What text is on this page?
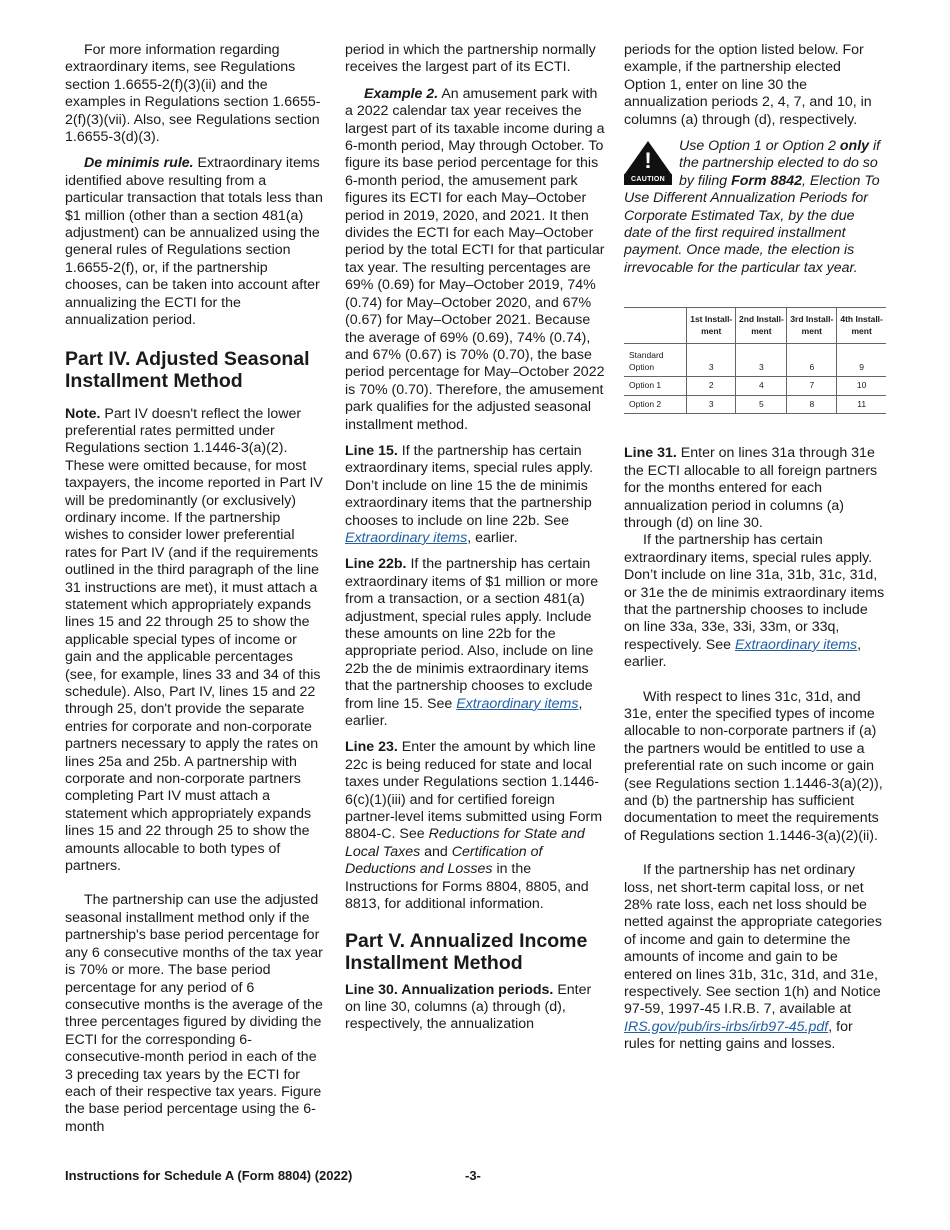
For more information regarding extraordinary items, see Regulations section 1.6655-2(f)(3)(ii) and the examples in Regulations section 1.6655-2(f)(3)(vii). Also, see Regulations section 1.6655-3(d)(3).

De minimis rule. Extraordinary items identified above resulting from a particular transaction that totals less than $1 million (other than a section 481(a) adjustment) can be annualized using the general rules of Regulations section 1.6655-2(f), or, if the partnership chooses, can be taken into account after annualizing the ECTI for the annualization period.

Part IV. Adjusted Seasonal Installment Method

Note. Part IV doesn't reflect the lower preferential rates permitted under Regulations section 1.1446-3(a)(2). These were omitted because, for most taxpayers, the income reported in Part IV will be predominantly (or exclusively) ordinary income. If the partnership wishes to consider lower preferential rates for Part IV (and if the requirements outlined in the third paragraph of the line 31 instructions are met), it must attach a statement which appropriately expands lines 15 and 22 through 25 to show the applicable special types of income or gain and the applicable percentages (see, for example, lines 33 and 34 of this schedule). Also, Part IV, lines 15 and 22 through 25, don't provide the separate entries for corporate and non-corporate partners necessary to apply the rates on lines 25a and 25b. A partnership with corporate and non-corporate partners completing Part IV must attach a statement which appropriately expands lines 15 and 22 through 25 to show the amounts allocable to both types of partners.

The partnership can use the adjusted seasonal installment method only if the partnership's base period percentage for any 6 consecutive months of the tax year is 70% or more. The base period percentage for any period of 6 consecutive months is the average of the three percentages figured by dividing the ECTI for the corresponding 6-consecutive-month period in each of the 3 preceding tax years by the ECTI for each of their respective tax years. Figure the base period percentage using the 6-month

period in which the partnership normally receives the largest part of its ECTI.

Example 2. An amusement park with a 2022 calendar tax year receives the largest part of its taxable income during a 6-month period, May through October. To figure its base period percentage for this 6-month period, the amusement park figures its ECTI for each May–October period in 2019, 2020, and 2021. It then divides the ECTI for each May–October period by the total ECTI for that particular tax year. The resulting percentages are 69% (0.69) for May–October 2019, 74% (0.74) for May–October 2020, and 67% (0.67) for May–October 2021. Because the average of 69% (0.69), 74% (0.74), and 67% (0.67) is 70% (0.70), the base period percentage for May–October 2022 is 70% (0.70). Therefore, the amusement park qualifies for the adjusted seasonal installment method.

Line 15. If the partnership has certain extraordinary items, special rules apply. Don’t include on line 15 the de minimis extraordinary items that the partnership chooses to include on line 22b. See Extraordinary items, earlier.

Line 22b. If the partnership has certain extraordinary items of $1 million or more from a transaction, or a section 481(a) adjustment, special rules apply. Include these amounts on line 22b for the appropriate period. Also, include on line 22b the de minimis extraordinary items that the partnership chooses to exclude from line 15. See Extraordinary items, earlier.

Line 23. Enter the amount by which line 22c is being reduced for state and local taxes under Regulations section 1.1446-6(c)(1)(iii) and for certified foreign partner-level items submitted using Form 8804-C. See Reductions for State and Local Taxes and Certification of Deductions and Losses in the Instructions for Forms 8804, 8805, and 8813, for additional information.

Part V. Annualized Income Installment Method

Line 30. Annualization periods. Enter on line 30, columns (a) through (d), respectively, the annualization

periods for the option listed below. For example, if the partnership elected Option 1, enter on line 30 the annualization periods 2, 4, 7, and 10, in columns (a) through (d), respectively.

!
CAUTION
Use Option 1 or Option 2 only if the partnership elected to do so by filing Form 8842, Election To Use Different Annualization Periods for Corporate Estimated Tax, by the due date of the first required installment payment. Once made, the election is irrevocable for the particular tax year.
	1st Install-ment	2nd Install-ment	3rd Install-ment	4th Install-ment
Standard Option	3	3	6	9
Option 1	2	4	7	10
Option 2	3	5	8	11

Line 31. Enter on lines 31a through 31e the ECTI allocable to all foreign partners for the months entered for each annualization period in columns (a) through (d) on line 30.

If the partnership has certain extraordinary items, special rules apply. Don’t include on line 31a, 31b, 31c, 31d, or 31e the de minimis extraordinary items that the partnership chooses to include on line 33a, 33e, 33i, 33m, or 33q, respectively. See Extraordinary items, earlier.

With respect to lines 31c, 31d, and 31e, enter the specified types of income allocable to non-corporate partners if (a) the partners would be entitled to use a preferential rate on such income or gain (see Regulations section 1.1446-3(a)(2)), and (b) the partnership has sufficient documentation to meet the requirements of Regulations section 1.1446-3(a)(2)(ii).

If the partnership has net ordinary loss, net short-term capital loss, or net 28% rate loss, each net loss should be netted against the appropriate categories of income and gain to determine the amounts of income and gain to be entered on lines 31b, 31c, 31d, and 31e, respectively. See section 1(h) and Notice 97-59, 1997-45 I.R.B. 7, available at IRS.gov/pub/irs-irbs/irb97-45.pdf, for rules for netting gains and losses.

Instructions for Schedule A (Form 8804) (2022)	-3-
